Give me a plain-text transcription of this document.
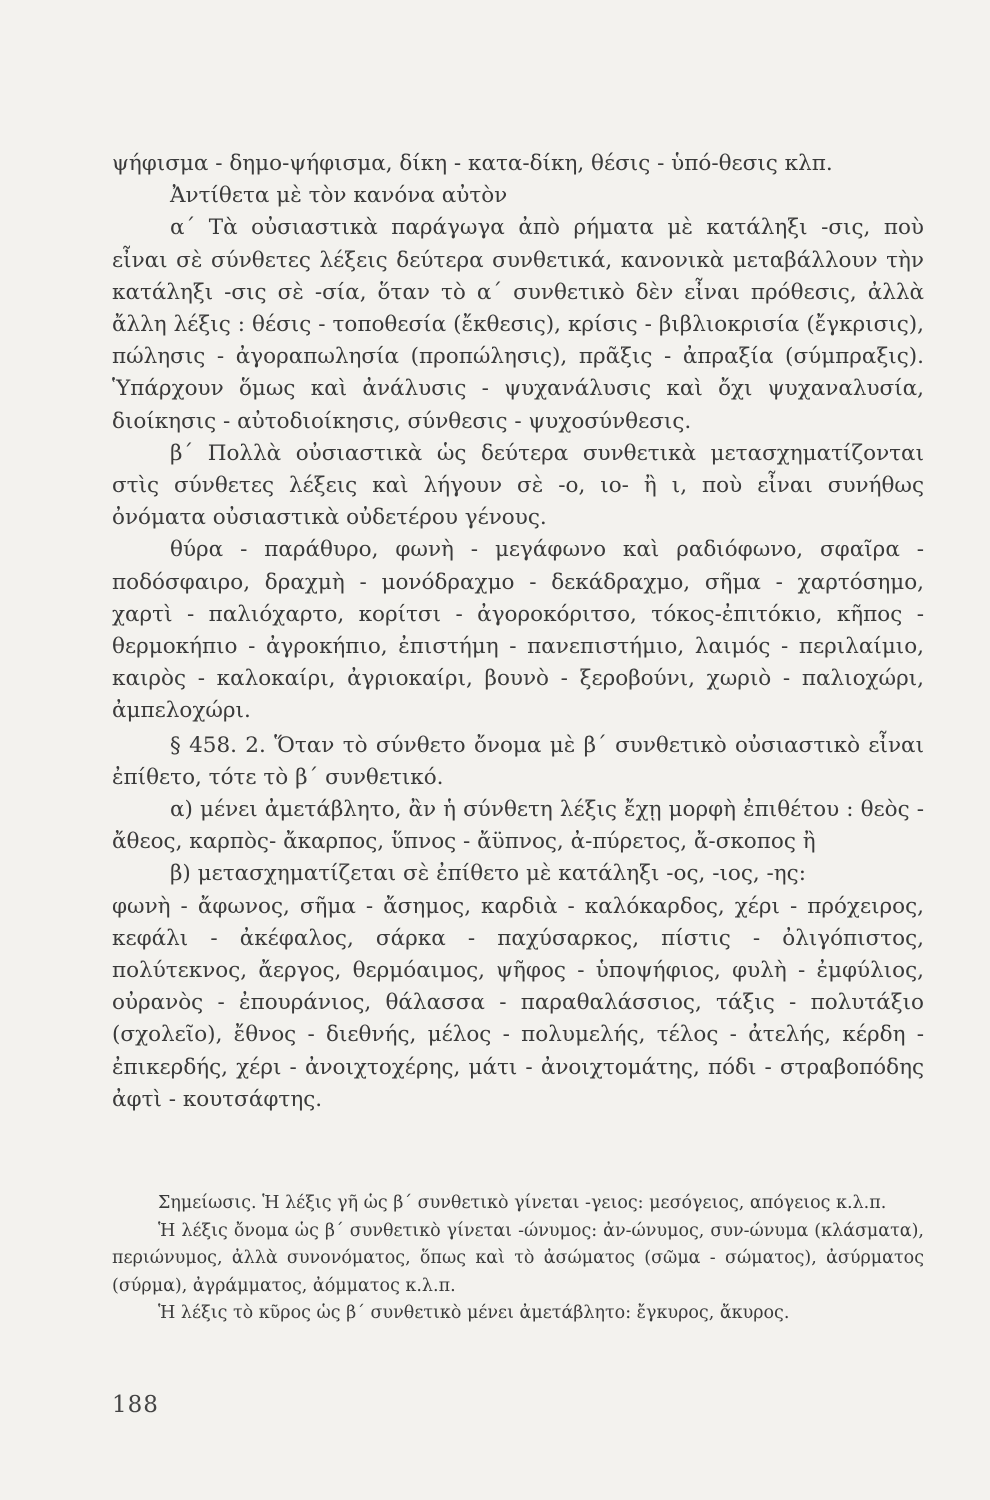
ψήφισμα - δημο-ψήφισμα, δίκη - κατα-δίκη, θέσις - ὑπό-θεσις κλπ.

Ἀντίθετα μὲ τὸν κανόνα αὐτὸν

α΄ Τὰ οὐσιαστικὰ παράγωγα ἀπὸ ρήματα μὲ κατάληξι -σις, ποὺ εἶναι σὲ σύνθετες λέξεις δεύτερα συνθετικά, κανονικὰ μεταβάλλουν τὴν κατάληξι -σις σὲ -σία, ὅταν τὸ α΄ συνθετικὸ δὲν εἶναι πρόθεσις, ἀλλὰ ἄλλη λέξις : θέσις - τοποθεσία (ἔκθεσις), κρίσις - βιβλιοκρισία (ἔγκρισις), πώλησις - ἀγοραπωλησία (προπώλησις), πρᾶξις - ἀπραξία (σύμπραξις). Ὑπάρχουν ὅμως καὶ ἀνάλυσις - ψυχανάλυσις καὶ ὄχι ψυχαναλυσία, διοίκησις - αὐτοδιοίκησις, σύνθεσις - ψυχοσύνθεσις.

β΄ Πολλὰ οὐσιαστικὰ ὡς δεύτερα συνθετικὰ μετασχηματίζονται στὶς σύνθετες λέξεις καὶ λήγουν σὲ -ο, ιο- ἢ ι, ποὺ εἶναι συνήθως ὀνόματα οὐσιαστικὰ οὐδετέρου γένους.

θύρα - παράθυρο, φωνὴ - μεγάφωνο καὶ ραδιόφωνο, σφαῖρα - ποδόσφαιρο, δραχμὴ - μονόδραχμο - δεκάδραχμο, σῆμα - χαρτόσημο, χαρτὶ - παλιόχαρτο, κορίτσι - ἀγοροκόριτσο, τόκος-ἐπιτόκιο, κῆπος - θερμοκήπιο - ἀγροκήπιο, ἐπιστήμη - πανεπιστήμιο, λαιμός - περιλαίμιο, καιρὸς - καλοκαίρι, ἀγριοκαίρι, βουνὸ - ξεροβούνι, χωριὸ - παλιοχώρι, ἀμπελοχώρι.

§ 458. 2. Ὅταν τὸ σύνθετο ὄνομα μὲ β΄ συνθετικὸ οὐσιαστικὸ εἶναι ἐπίθετο, τότε τὸ β΄ συνθετικό.

α) μένει ἀμετάβλητο, ἂν ἡ σύνθετη λέξις ἔχῃ μορφὴ ἐπιθέτου : θεὸς - ἄθεος, καρπὸς- ἄκαρπος, ὕπνος - ἄϋπνος, ἀ-πύρετος, ἄ-σκοπος ἢ

β) μετασχηματίζεται σὲ ἐπίθετο μὲ κατάληξι -ος, -ιος, -ης:

φωνὴ - ἄφωνος, σῆμα - ἄσημος, καρδιὰ - καλόκαρδος, χέρι - πρόχειρος, κεφάλι - ἀκέφαλος, σάρκα - παχύσαρκος, πίστις - ὀλιγόπιστος, πολύτεκνος, ἄεργος, θερμόαιμος, ψῆφος - ὑποψήφιος, φυλὴ - ἐμφύλιος, οὐρανὸς - ἐπουράνιος, θάλασσα - παραθαλάσσιος, τάξις - πολυτάξιο (σχολεῖο), ἔθνος - διεθνής, μέλος - πολυμελής, τέλος - ἀτελής, κέρδη - ἐπικερδής, χέρι - ἀνοιχτοχέρης, μάτι - ἀνοιχτομάτης, πόδι - στραβοπόδης ἀφτὶ - κουτσάφτης.

Σημείωσις. Ἡ λέξις γῆ ὡς β΄ συνθετικὸ γίνεται -γειος: μεσόγειος, απόγειος κ.λ.π.

Ἡ λέξις ὄνομα ὡς β΄ συνθετικὸ γίνεται -ώνυμος: ἀν-ώνυμος, συν-ώνυμα (κλάσματα), περιώνυμος, ἀλλὰ συνονόματος, ὅπως καὶ τὸ ἀσώματος (σῶμα - σώματος), ἀσύρματος (σύρμα), ἀγράμματος, ἀόμματος κ.λ.π.

Ἡ λέξις τὸ κῦρος ὡς β΄ συνθετικὸ μένει ἀμετάβλητο: ἔγκυρος, ἄκυρος.

188
